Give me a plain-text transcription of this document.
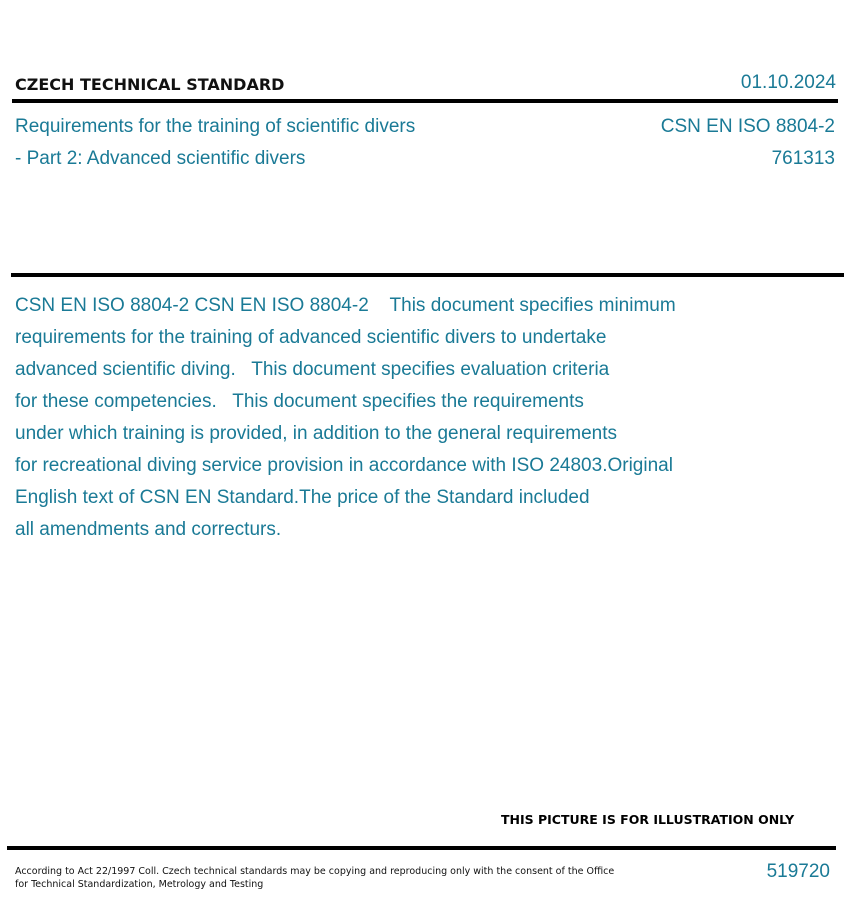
CZECH TECHNICAL STANDARD	01.10.2024
Requirements for the training of scientific divers
- Part 2: Advanced scientific divers
CSN EN ISO 8804-2
761313
CSN EN ISO 8804-2 CSN EN ISO 8804-2    This document specifies minimum
requirements for the training of advanced scientific divers to undertake
advanced scientific diving.   This document specifies evaluation criteria
for these competencies.   This document specifies the requirements
under which training is provided, in addition to the general requirements
for recreational diving service provision in accordance with ISO 24803.Original
English text of CSN EN Standard.The price of the Standard included
all amendments and correcturs.
THIS PICTURE IS FOR ILLUSTRATION ONLY
According to Act 22/1997 Coll. Czech technical standards may be copying and reproducing only with the consent of the Office
for Technical Standardization, Metrology and Testing
519720
